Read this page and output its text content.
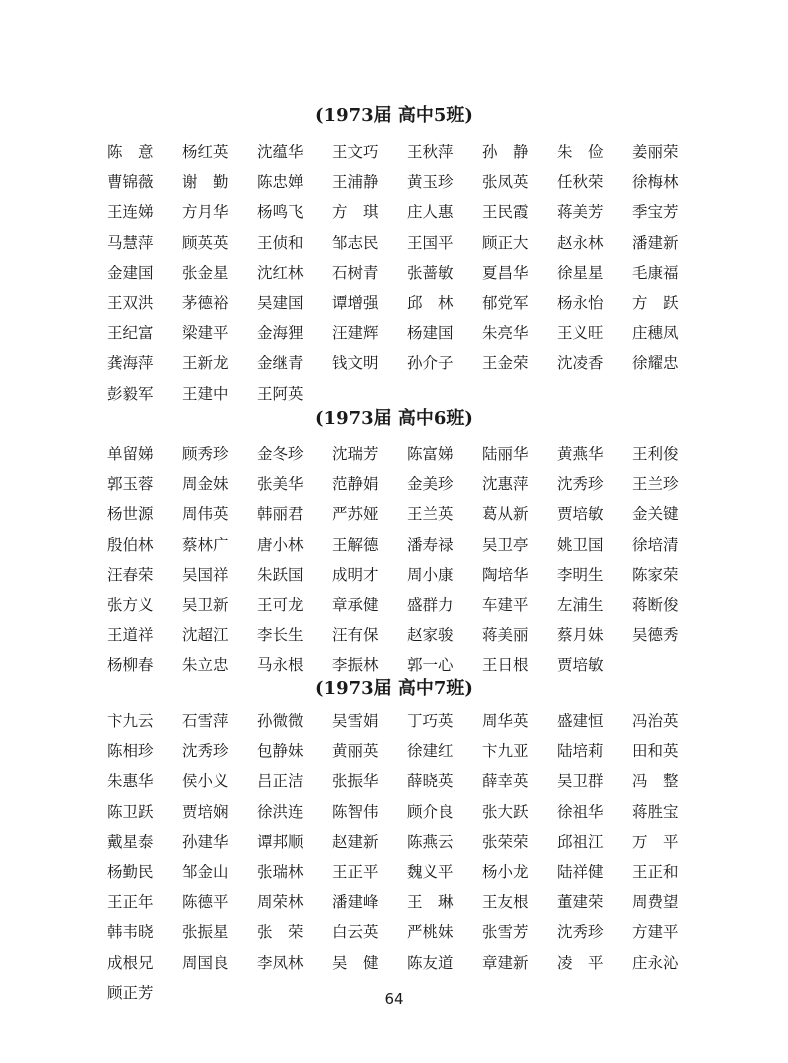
(1973届 高中5班)
陈　意 杨红英 沈蕴华 王文巧 王秋萍 孙　静 朱　俭 姜丽荣
曹锦薇 谢　勤 陈忠婵 王浦静 黄玉珍 张凤英 任秋荣 徐梅林
王连娣 方月华 杨鸣飞 方　琪 庄人惠 王民霞 蒋美芳 季宝芳
马慧萍 顾英英 王侦和 邹志民 王国平 顾正大 赵永林 潘建新
金建国 张金星 沈红林 石树青 张蔷敏 夏昌华 徐星星 毛康福
王双洪 茅德裕 吴建国 谭增强 邱　林 郁党军 杨永怡 方　跃
王纪富 梁建平 金海狸 汪建辉 杨建国 朱亮华 王义旺 庄穗凤
龚海萍 王新龙 金继青 钱文明 孙介子 王金荣 沈凌香 徐耀忠
彭毅军 王建中 王阿英
(1973届 高中6班)
单留娣 顾秀珍 金冬珍 沈瑞芳 陈富娣 陆丽华 黄燕华 王利俊
郭玉蓉 周金妹 张美华 范静娟 金美珍 沈惠萍 沈秀珍 王兰珍
杨世源 周伟英 韩丽君 严苏娅 王兰英 葛从新 贾培敏 金关键
殷伯林 蔡林广 唐小林 王解德 潘寿禄 吴卫亭 姚卫国 徐培清
汪春荣 吴国祥 朱跃国 成明才 周小康 陶培华 李明生 陈家荣
张方义 吴卫新 王可龙 章承健 盛群力 车建平 左浦生 蒋断俊
王道祥 沈超江 李长生 汪有保 赵家骏 蒋美丽 蔡月妹 吴德秀
杨柳春 朱立忠 马永根 李振林 郭一心 王日根 贾培敏
(1973届 高中7班)
卞九云 石雪萍 孙微微 吴雪娟 丁巧英 周华英 盛建恒 冯治英
陈相珍 沈秀珍 包静妹 黄丽英 徐建红 卞九亚 陆培莉 田和英
朱惠华 侯小义 吕正洁 张振华 薛晓英 薛幸英 吴卫群 冯　整
陈卫跃 贾培娴 徐洪连 陈智伟 顾介良 张大跃 徐祖华 蒋胜宝
戴星泰 孙建华 谭邦顺 赵建新 陈燕云 张荣荣 邱祖江 万　平
杨勤民 邹金山 张瑞林 王正平 魏义平 杨小龙 陆祥健 王正和
王正年 陈德平 周荣林 潘建峰 王　琳 王友根 董建荣 周费望
韩韦晓 张振星 张　荣 白云英 严桃妹 张雪芳 沈秀珍 方建平
成根兄 周国良 李凤林 吴　健 陈友道 章建新 凌　平 庄永沁
顾正芳	64
